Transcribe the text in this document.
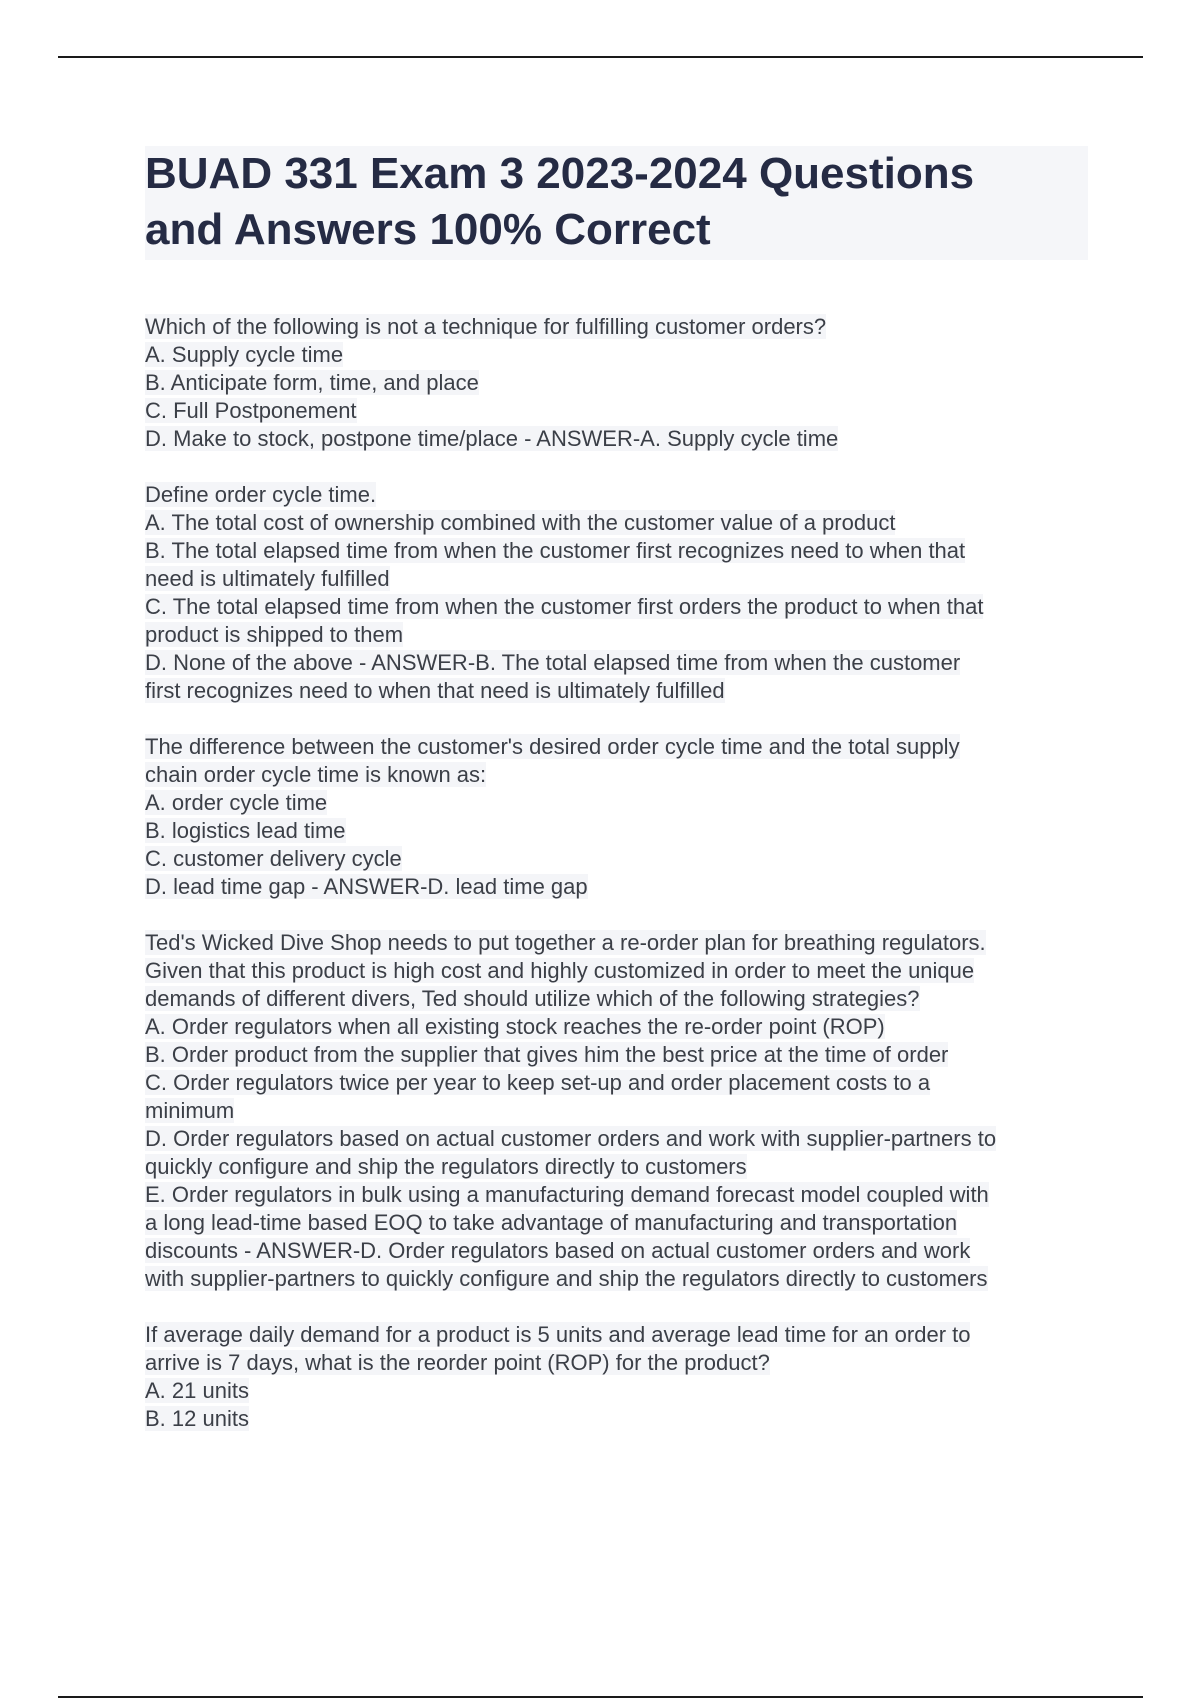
BUAD 331 Exam 3 2023-2024 Questions
and Answers 100% Correct
Which of the following is not a technique for fulfilling customer orders?
A. Supply cycle time
B. Anticipate form, time, and place
C. Full Postponement
D. Make to stock, postpone time/place - ANSWER-A. Supply cycle time
Define order cycle time.
A. The total cost of ownership combined with the customer value of a product
B. The total elapsed time from when the customer first recognizes need to when that
need is ultimately fulfilled
C. The total elapsed time from when the customer first orders the product to when that
product is shipped to them
D. None of the above - ANSWER-B. The total elapsed time from when the customer
first recognizes need to when that need is ultimately fulfilled
The difference between the customer's desired order cycle time and the total supply
chain order cycle time is known as:
A. order cycle time
B. logistics lead time
C. customer delivery cycle
D. lead time gap - ANSWER-D. lead time gap
Ted's Wicked Dive Shop needs to put together a re-order plan for breathing regulators.
Given that this product is high cost and highly customized in order to meet the unique
demands of different divers, Ted should utilize which of the following strategies?
A. Order regulators when all existing stock reaches the re-order point (ROP)
B. Order product from the supplier that gives him the best price at the time of order
C. Order regulators twice per year to keep set-up and order placement costs to a
minimum
D. Order regulators based on actual customer orders and work with supplier-partners to
quickly configure and ship the regulators directly to customers
E. Order regulators in bulk using a manufacturing demand forecast model coupled with
a long lead-time based EOQ to take advantage of manufacturing and transportation
discounts - ANSWER-D. Order regulators based on actual customer orders and work
with supplier-partners to quickly configure and ship the regulators directly to customers
If average daily demand for a product is 5 units and average lead time for an order to
arrive is 7 days, what is the reorder point (ROP) for the product?
A. 21 units
B. 12 units
